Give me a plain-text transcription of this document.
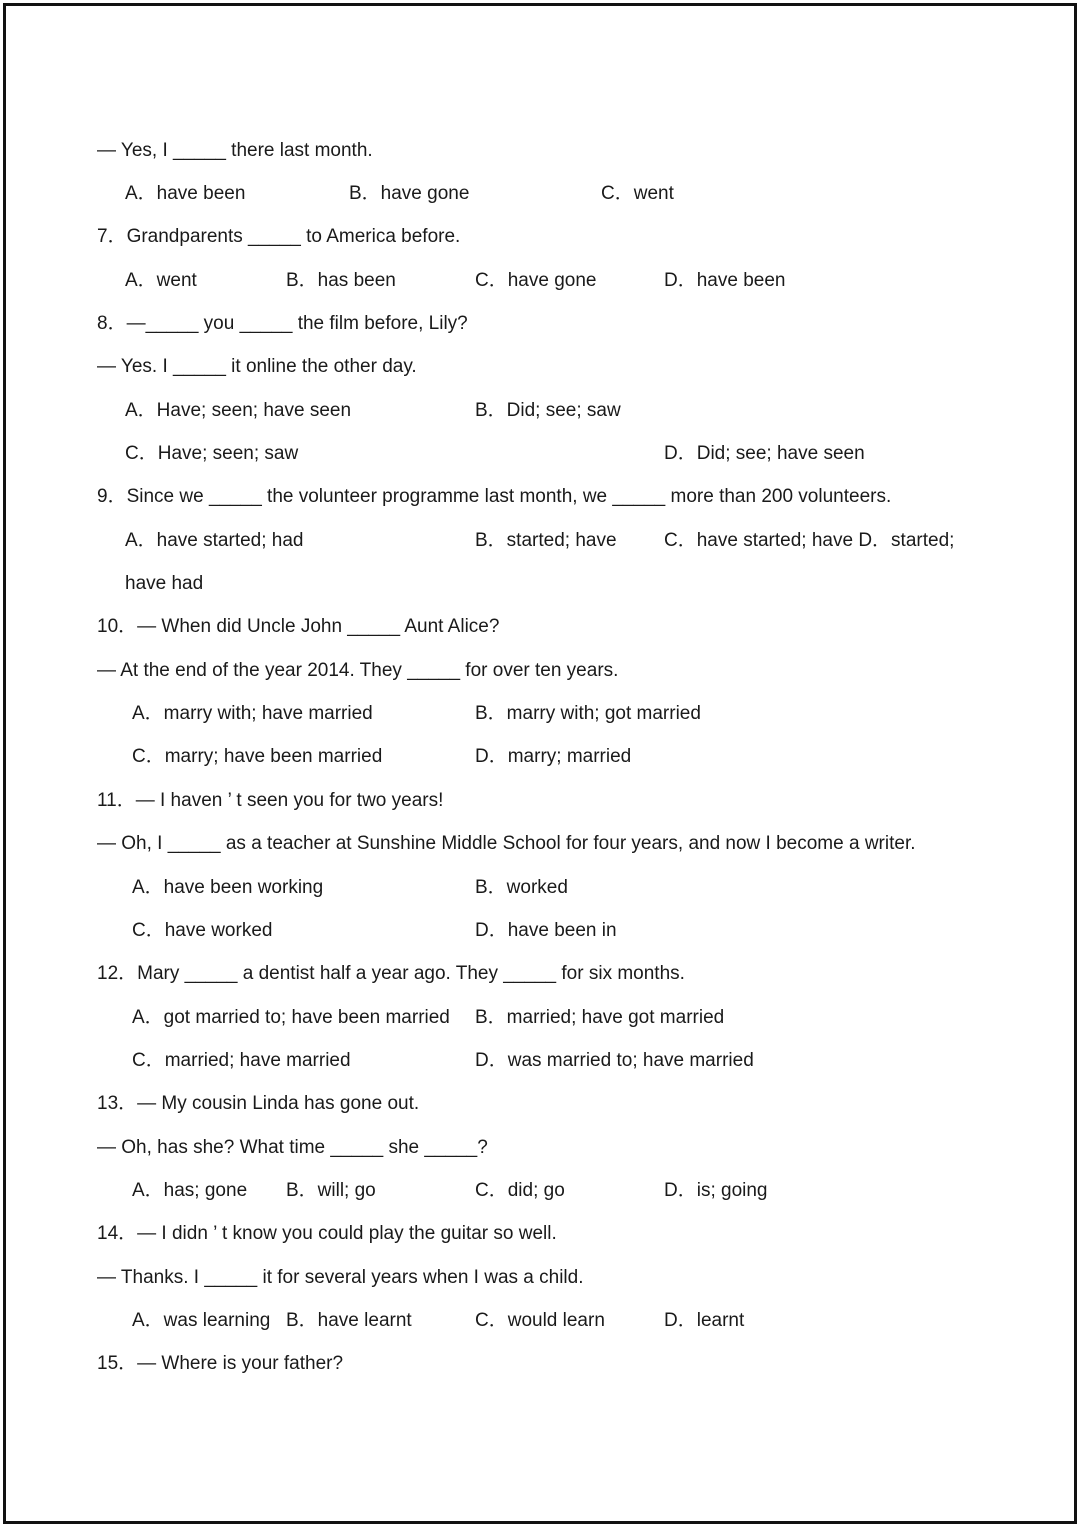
— Yes, I _____ there last month.
A．have been	B．have gone	C．went
7．Grandparents _____ to America before.
A．went	B．has been	C．have gone	D．have been
8．—_____ you _____ the film before, Lily?
— Yes. I _____ it online the other day.
A．Have; seen; have seen	B．Did; see; saw
C．Have; seen; saw	D．Did; see; have seen
9．Since we _____ the volunteer programme last month, we _____ more than 200 volunteers.
A．have started; had	B．started; have C．have started; have D．started;
have had
10．— When did Uncle John _____ Aunt Alice?
— At the end of the year 2014. They _____ for over ten years.
A．marry with; have married	B．marry with; got married
C．marry; have been married	D．marry; married
11．— I haven ’ t seen you for two years!
— Oh, I _____ as a teacher at Sunshine Middle School for four years, and now I become a writer.
A．have been working	B．worked
C．have worked	D．have been in
12．Mary _____ a dentist half a year ago. They _____ for six months.
A．got married to; have been married B．married; have got married
C．married; have married	D．was married to; have married
13．— My cousin Linda has gone out.
— Oh, has she? What time _____ she _____?
A．has; gone B．will; go	C．did; go	D．is; going
14．— I didn ’ t know you could play the guitar so well.
— Thanks. I _____ it for several years when I was a child.
A．was learning B．have learnt	C．would learn	D．learnt
15．— Where is your father?
